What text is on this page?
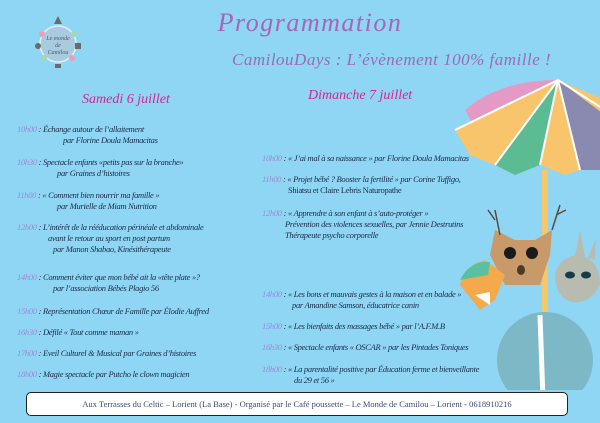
Le monde
de
Camilou
Programmation
CamilouDays : L’évènement 100% famille !
Samedi 6 juillet	Dimanche 7 juillet
10h00 : Échange autour de l’allaitement
par Florine Doula Mamacitas
10h30 : Spectacle enfants «petits pas sur la branche»
par Graines d’histoires
11h00 : « Comment bien nourrir ma famille »
par Murielle de Miam Nutrition
12h00 : L’intérêt de la rééducation périnéale et abdominale
avant le retour au sport en post partum
par Manon Shabao, Kinésithérapeute
14h00 : Comment éviter que mon bébé ait la «tête plate »?
par l’association Bébés Plagio 56
15h00 : Représentation Chœur de Famille par Élodie Auffred
16h30 : Défilé « Tout comme maman »
17h00 : Eveil Culturel & Musical par Graines d’histoires
18h00 : Magie spectacle par Putcho le clown magicien
10h00 : « J’ai mal à sa naissance » par Florine Doula Mamacitas
11h00 : « Projet bébé ? Booster la fertilité » par Corine Tuffigo,
Shiatsu et Claire Lebris Naturopathe
12h00 : « Apprendre à son enfant à s’auto-protéger »
Prévention des violences sexuelles, par Jennie Destrutins
Thérapeute psycho corporelle
14h00 : « Les bons et mauvais gestes à la maison et en balade »
par Amandine Samson, éducatrice canin
15h00 : « Les bienfaits des massages bébé » par l’A.F.M.B
16h30 : « Spectacle enfants « OSCAR » par les Pintades Toniques
18h00 : « La parentalité positive par Éducation ferme et bienveillante
du 29 et 56 »
Aux Terrasses du Celtic – Lorient (La Base) - Organisé par le Café poussette – Le Monde de Camilou – Lorient - 0618910216
